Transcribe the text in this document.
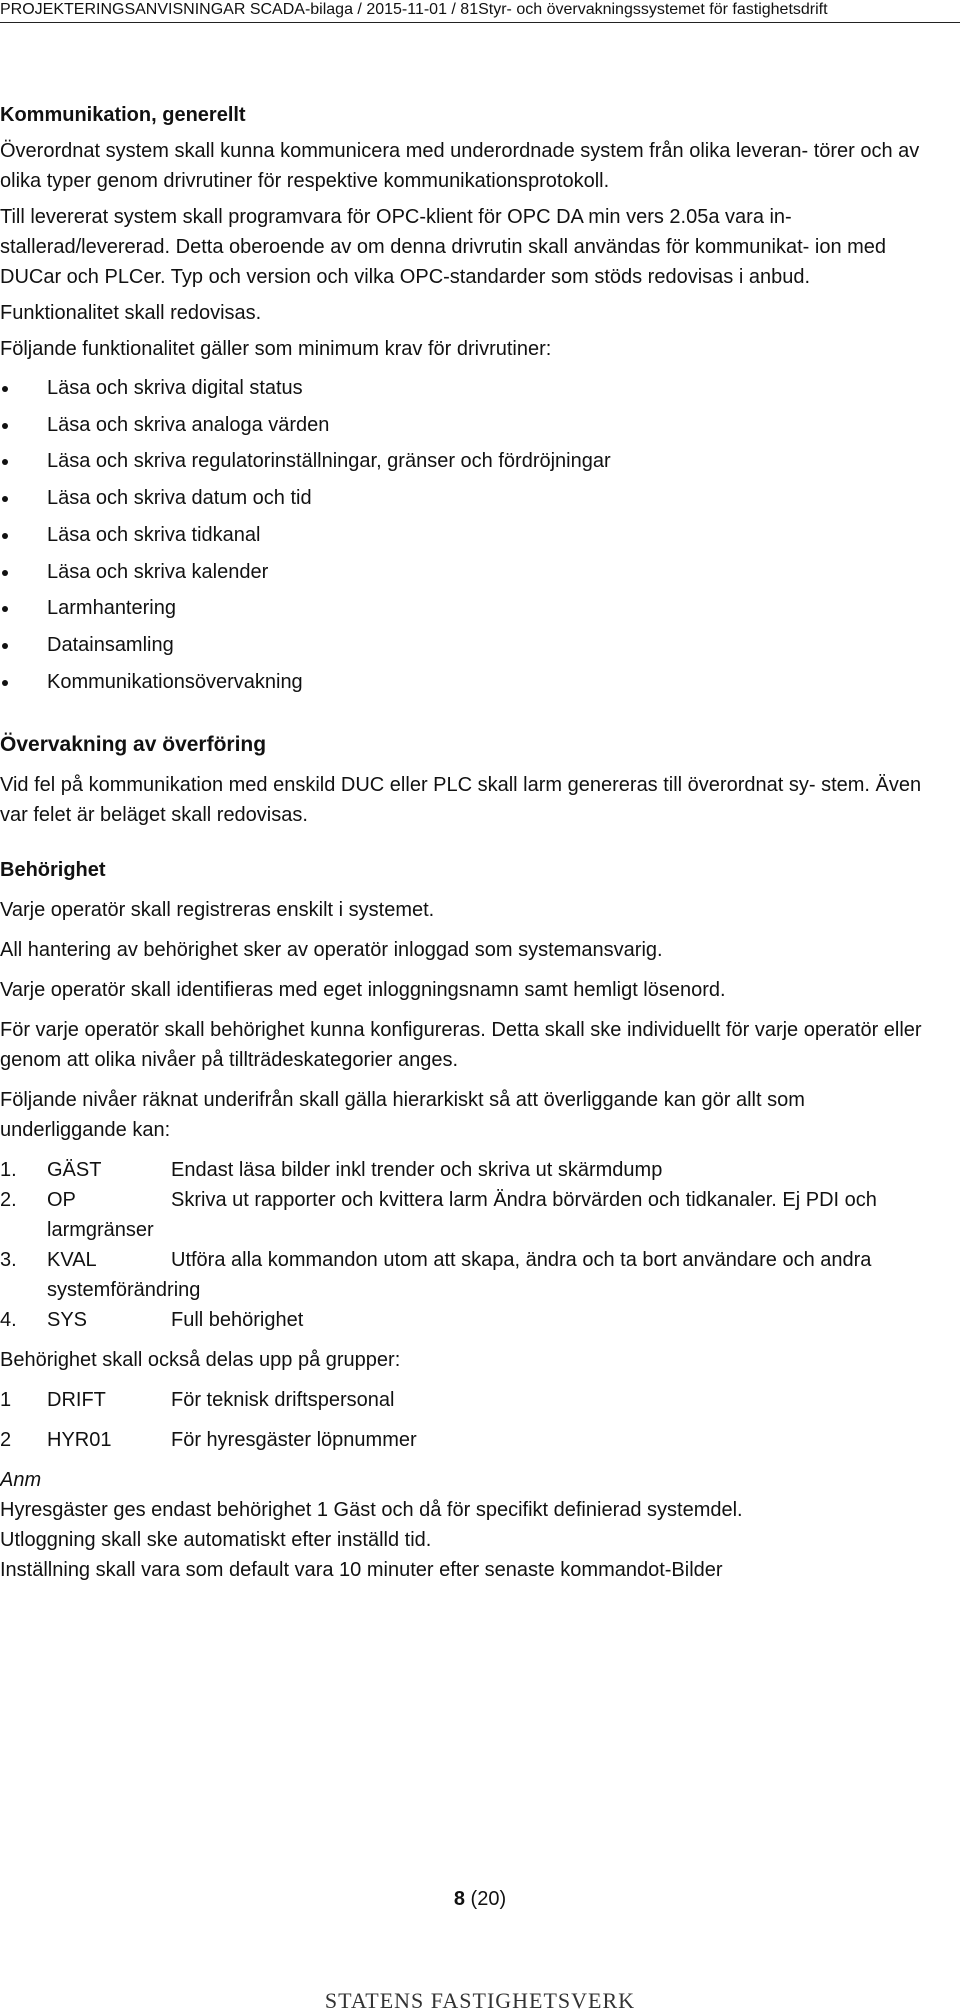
PROJEKTERINGSANVISNINGAR SCADA-bilaga / 2015-11-01 / 81Styr- och övervakningssystemet för fastighetsdrift
Kommunikation, generellt

Överordnat system skall kunna kommunicera med underordnade system från olika leveran- törer och av olika typer genom drivrutiner för respektive kommunikationsprotokoll.

Till levererat system skall programvara för OPC-klient för OPC DA min vers 2.05a vara in- stallerad/levererad. Detta oberoende av om denna drivrutin skall användas för kommunikat- ion med DUCar och PLCer. Typ och version och vilka OPC-standarder som stöds redovisas i anbud.

Funktionalitet skall redovisas.

Följande funktionalitet gäller som minimum krav för drivrutiner:

Läsa och skriva digital status
Läsa och skriva analoga värden
Läsa och skriva regulatorinställningar, gränser och fördröjningar
Läsa och skriva datum och tid
Läsa och skriva tidkanal
Läsa och skriva kalender
Larmhantering
Datainsamling
Kommunikationsövervakning
Övervakning av överföring

Vid fel på kommunikation med enskild DUC eller PLC skall larm genereras till överordnat sy- stem. Även var felet är beläget skall redovisas.

Behörighet

Varje operatör skall registreras enskilt i systemet.

All hantering av behörighet sker av operatör inloggad som systemansvarig.

Varje operatör skall identifieras med eget inloggningsnamn samt hemligt lösenord.

För varje operatör skall behörighet kunna konfigureras. Detta skall ske individuellt för varje operatör eller genom att olika nivåer på tillträdeskategorier anges.

Följande nivåer räknat underifrån skall gälla hierarkiskt så att överliggande kan gör allt som underliggande kan:

1. GÄST	Endast läsa bilder inkl trender och skriva ut skärmdump
2. OP	Skriva ut rapporter och kvittera larm Ändra börvärden och tidkanaler. Ej PDI och larmgränser
3. KVAL	Utföra alla kommandon utom att skapa, ändra och ta bort användare och andra systemförändring
4. SYS	Full behörighet

Behörighet skall också delas upp på grupper:

1 DRIFT	För teknisk driftspersonal
2 HYR01	För hyresgäster löpnummer

Anm

Hyresgäster ges endast behörighet 1 Gäst och då för specifikt definierad systemdel.

Utloggning skall ske automatiskt efter inställd tid.

Inställning skall vara som default vara 10 minuter efter senaste kommandot-Bilder

8 (20)
STATENS FASTIGHETSVERK
